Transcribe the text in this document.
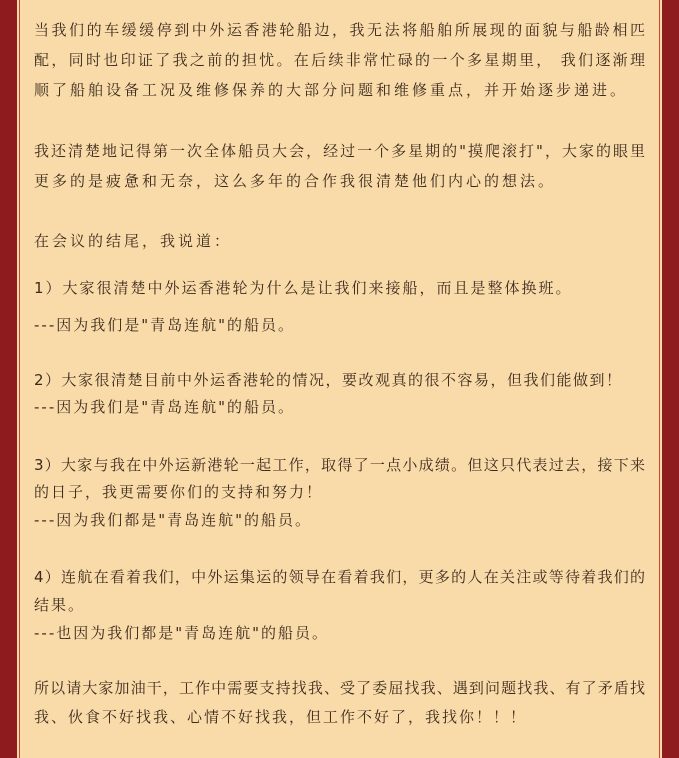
当我们的车缓缓停到中外运香港轮船边，我无法将船舶所展现的面貌与船龄相匹
配，同时也印证了我之前的担忧。在后续非常忙碌的一个多星期里， 我们逐渐理
顺了船舶设备工况及维修保养的大部分问题和维修重点，并开始逐步递进。
我还清楚地记得第一次全体船员大会，经过一个多星期的"摸爬滚打"，大家的眼里
更多的是疲惫和无奈，这么多年的合作我很清楚他们内心的想法。
在会议的结尾，我说道：
1）大家很清楚中外运香港轮为什么是让我们来接船，而且是整体换班。
---因为我们是"青岛连航"的船员。
2）大家很清楚目前中外运香港轮的情况，要改观真的很不容易，但我们能做到！
---因为我们是"青岛连航"的船员。
3）大家与我在中外运新港轮一起工作，取得了一点小成绩。但这只代表过去，接下来
的日子，我更需要你们的支持和努力！
---因为我们都是"青岛连航"的船员。
4）连航在看着我们，中外运集运的领导在看着我们，更多的人在关注或等待着我们的
结果。
---也因为我们都是"青岛连航"的船员。
所以请大家加油干，工作中需要支持找我、受了委屈找我、遇到问题找我、有了矛盾找
我、伙食不好找我、心情不好找我，但工作不好了，我找你！！！
